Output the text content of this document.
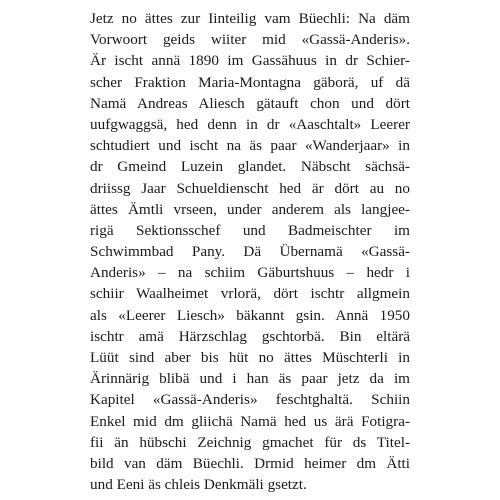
Jetz no ättes zur Iinteilig vam Büechli: Na däm
Vorwoort geids wiiter mid «Gassä-Anderis».
Är ischt annä 1890 im Gassähuus in dr Schier-
scher Fraktion Maria-Montagna gäborä, uf dä
Namä Andreas Aliesch gätauft chon und dört
uufgwaggsä, hed denn in dr «Aaschtalt» Leerer
schtudiert und ischt na äs paar «Wanderjaar» in
dr Gmeind Luzein glandet. Näbscht sächsä-
driissg Jaar Schueldienscht hed är dört au no
ättes Ämtli vrseen, under anderem als langjee-
rigä Sektionsschef und Badmeischter im
Schwimmbad Pany. Dä Übernamä «Gassä-
Anderis» – na schiim Gäburtshuus – hedr i
schiir Waalheimet vrlorä, dört ischtr allgmein
als «Leerer Liesch» bäkannt gsin. Annä 1950
ischtr amä Härzschlag gschtorbä. Bin eltärä
Lüüt sind aber bis hüt no ättes Müschterli in
Ärinnärig blibä und i han äs paar jetz da im
Kapitel «Gassä-Anderis» feschtghaltä. Schiin
Enkel mid dm gliichä Namä hed us ärä Fotigra-
fii än hübschi Zeichnig gmachet für ds Titel-
bild van däm Büechli. Drmid heimer dm Ätti
und Eeni äs chleis Denkmäli gsetzt.
